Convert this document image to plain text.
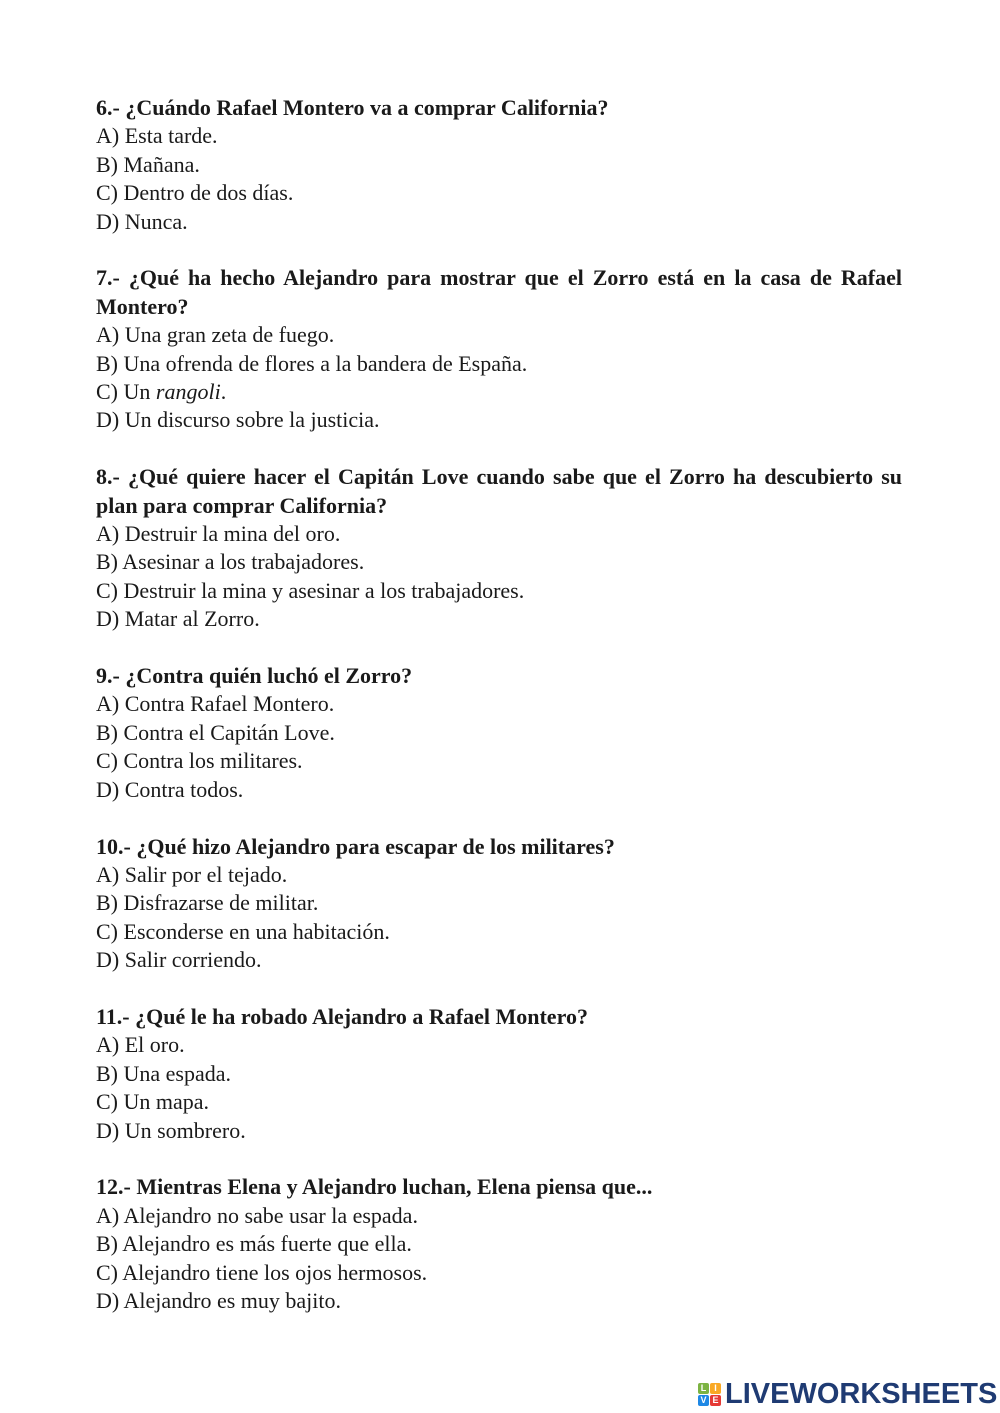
6.- ¿Cuándo Rafael Montero va a comprar California?
A) Esta tarde.
B) Mañana.
C) Dentro de dos días.
D) Nunca.
7.- ¿Qué ha hecho Alejandro para mostrar que el Zorro está en la casa de Rafael Montero?
A) Una gran zeta de fuego.
B) Una ofrenda de flores a la bandera de España.
C) Un rangoli.
D) Un discurso sobre la justicia.
8.- ¿Qué quiere hacer el Capitán Love cuando sabe que el Zorro ha descubierto su plan para comprar California?
A) Destruir la mina del oro.
B) Asesinar a los trabajadores.
C) Destruir la mina y asesinar a los trabajadores.
D) Matar al Zorro.
9.- ¿Contra quién luchó el Zorro?
A) Contra Rafael Montero.
B) Contra el Capitán Love.
C) Contra los militares.
D) Contra todos.
10.- ¿Qué hizo Alejandro para escapar de los militares?
A) Salir por el tejado.
B) Disfrazarse de militar.
C) Esconderse en una habitación.
D) Salir corriendo.
11.- ¿Qué le ha robado Alejandro a Rafael Montero?
A) El oro.
B) Una espada.
C) Un mapa.
D) Un sombrero.
12.- Mientras Elena y Alejandro luchan, Elena piensa que...
A) Alejandro no sabe usar la espada.
B) Alejandro es más fuerte que ella.
C) Alejandro tiene los ojos hermosos.
D) Alejandro es muy bajito.
L I
V E LIVEWORKSHEETS
